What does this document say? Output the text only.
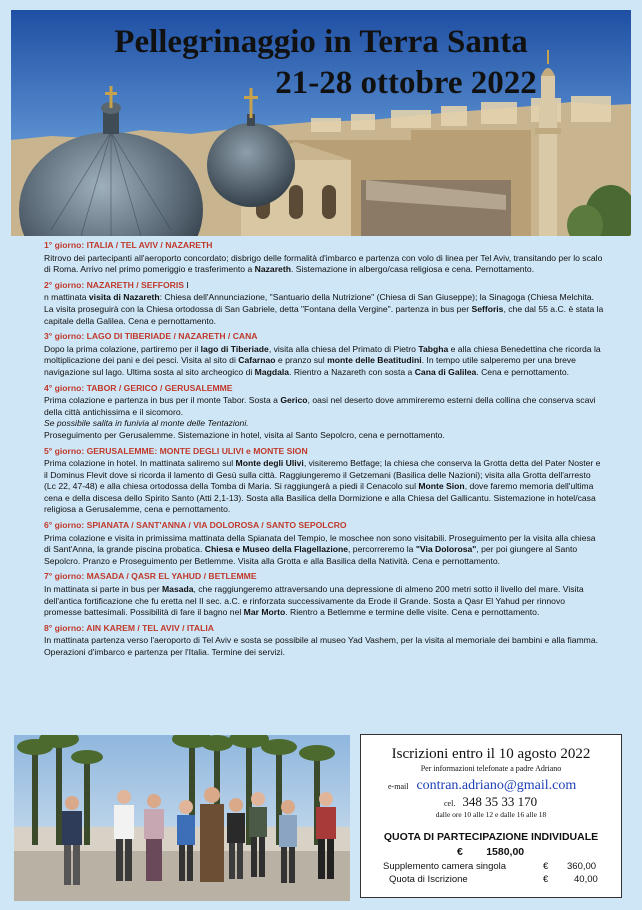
Pellegrinaggio in Terra Santa
21-28 ottobre 2022
1° giorno: ITALIA / TEL AVIV / NAZARETH
Ritrovo dei partecipanti all'aeroporto concordato; disbrigo delle formalità d'imbarco e partenza con volo di linea per Tel Aviv, transitando per lo scalo di Roma. Arrivo nel primo pomeriggio e trasferimento a Nazareth. Sistemazione in albergo/casa religiosa e cena. Pernottamento.
2° giorno: NAZARETH / SEFFORIS I
n mattinata visita di Nazareth: Chiesa dell'Annunciazione, "Santuario della Nutrizione" (Chiesa di San Giuseppe); la Sinagoga (Chiesa Melchita. La visita proseguirà con la Chiesa ortodossa di San Gabriele, detta "Fontana della Vergine". partenza in bus per Sefforis, che dal 55 a.C. è stata la capitale della Galilea. Cena e pernottamento.
3° giorno: LAGO DI TIBERIADE / NAZARETH / CANA
Dopo la prima colazione, partiremo per il lago di Tiberiade, visita alla chiesa del Primato di Pietro Tabgha e alla chiesa Benedettina che ricorda la moltiplicazione dei pani e dei pesci. Visita al sito di Cafarnao e pranzo sul monte delle Beatitudini. In tempo utile salperemo per una breve navigazione sul lago. Ultima sosta al sito archeogico di Magdala. Rientro a Nazareth con sosta a Cana di Galilea. Cena e pernottamento.
4° giorno: TABOR / GERICO / GERUSALEMME
Prima colazione e partenza in bus per il monte Tabor. Sosta a Gerico, oasi nel deserto dove ammireremo esterni della collina che conserva scavi della città antichissima e il sicomoro.
Se possibile salita in funivia al monte delle Tentazioni.
Proseguimento per Gerusalemme. Sistemazione in hotel, visita al Santo Sepolcro, cena e pernottamento.
5° giorno: GERUSALEMME: MONTE DEGLI ULIVI e MONTE SION
Prima colazione in hotel. In mattinata saliremo sul Monte degli Ulivi, visiteremo Betfage; la chiesa che conserva la Grotta detta del Pater Noster e il Dominus Flevit dove si ricorda il lamento di Gesù sulla città. Raggiungeremo il Getzemani (Basilica delle Nazioni); visita alla Grotta dell'arresto (Lc 22, 47-48) e alla chiesa ortodossa della Tomba di Maria. Si raggiungerà a piedi il Cenacolo sul Monte Sion, dove faremo memoria dell'ultima cena e della discesa dello Spirito Santo (Atti 2,1-13). Sosta alla Basilica della Dormizione e alla Chiesa del Gallicantu. Sistemazione in hotel/casa religiosa a Gerusalemme, cena e pernottamento.
6° giorno: SPIANATA / SANT'ANNA / VIA DOLOROSA / SANTO SEPOLCRO
Prima colazione e visita in primissima mattinata della Spianata del Tempio, le moschee non sono visitabili. Proseguimento per la visita alla chiesa di Sant'Anna, la grande piscina probatica. Chiesa e Museo della Flagellazione, percorreremo la "Via Dolorosa", per poi giungere al Santo Sepolcro. Pranzo e Proseguimento per Betlemme. Visita alla Grotta e alla Basilica della Natività. Cena e pernottamento.
7° giorno: MASADA / QASR EL YAHUD / BETLEMME
In mattinata si parte in bus per Masada, che raggiungeremo attraversando una depressione di almeno 200 metri sotto il livello del mare. Visita dell'antica fortificazione che fu eretta nel II sec. a.C. e rinforzata successivamente da Erode il Grande. Sosta a Qasr El Yahud per rinnovo promesse battesimali. Possibilità di fare il bagno nel Mar Morto. Rientro a Betlemme e termine delle visite. Cena e pernottamento.
8° giorno: AIN KAREM / TEL AVIV / ITALIA
In mattinata partenza verso l'aeroporto di Tel Aviv e sosta se possibile al museo Yad Vashem, per la visita al memoriale dei bambini e alla fiamma. Operazioni d'imbarco e partenza per l'Italia. Termine dei servizi.
Iscrizioni entro il 10 agosto 2022
Per informazioni telefonate a padre Adriano
e-mail contran.adriano@gmail.com
cel. 348 35 33 170
dalle ore 10 alle 12 e dalle 16 alle 18
QUOTA DI PARTECIPAZIONE INDIVIDUALE
€ 1580,00
Supplemento camera singola	€ 360,00
Quota di Iscrizione	€	40,00
